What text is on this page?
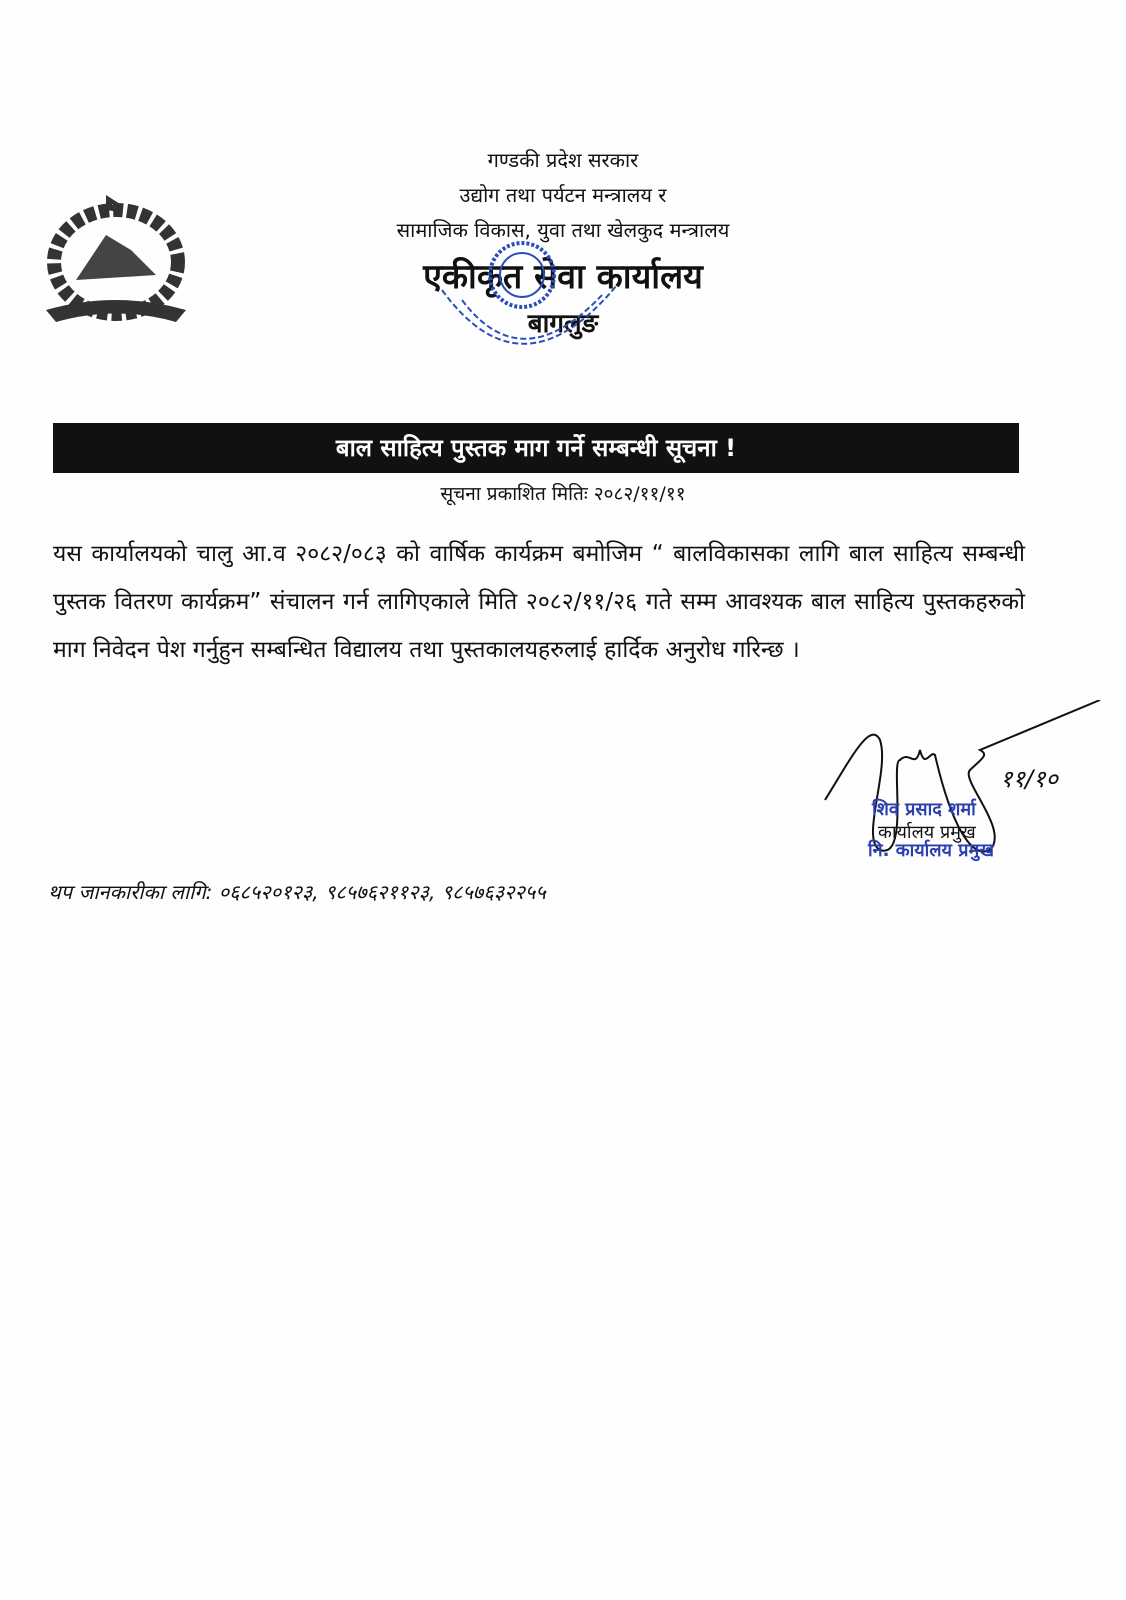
गण्डकी प्रदेश सरकार
उद्योग तथा पर्यटन मन्त्रालय र
सामाजिक विकास, युवा तथा खेलकुद मन्त्रालय
एकीकृत सेवा कार्यालय
बागलुङ
बाल साहित्य पुस्तक माग गर्ने सम्बन्धी सूचना !
सूचना प्रकाशित मितिः २०८२/११/११
यस कार्यालयको चालु आ.व २०८२/०८३ को वार्षिक कार्यक्रम बमोजिम “ बालविकासका लागि बाल साहित्य सम्बन्धी पुस्तक वितरण कार्यक्रम” संचालन गर्न लागिएकाले मिति २०८२/११/२६ गते सम्म आवश्यक बाल साहित्य पुस्तकहरुको माग निवेदन पेश गर्नुहुन सम्बन्धित विद्यालय तथा पुस्तकालयहरुलाई हार्दिक अनुरोध गरिन्छ ।
११/१०
शिव प्रसाद शर्मा
कार्यालय प्रमुख
नि. कार्यालय प्रमुख
थप जानकारीका लागि: ०६८५२०१२३, ९८५७६२११२३, ९८५७६३२२५५
